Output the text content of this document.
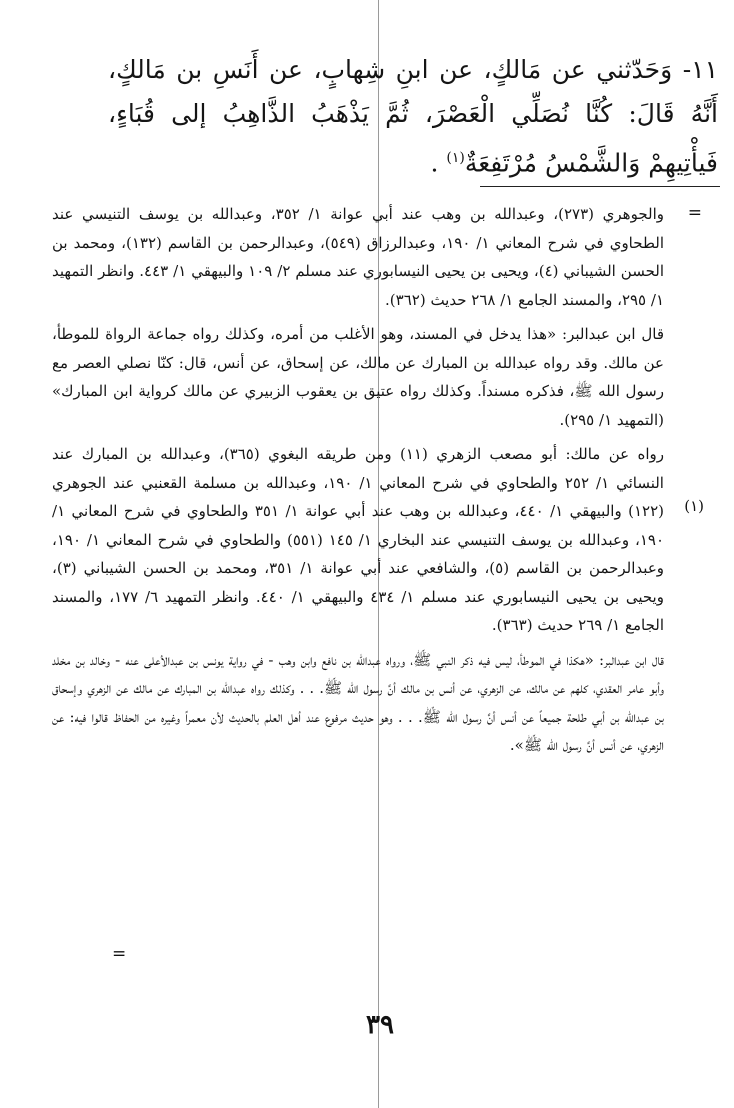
١١- وَحَدّثني عن مَالكٍ، عن ابنِ شِهابٍ، عن أَنَسِ بن مَالكٍ، أَنَّهُ قَالَ: كُنَّا نُصَلِّي الْعَصْرَ، ثُمَّ يَذْهَبُ الذَّاهِبُ إلى قُبَاءٍ، فَيأْتِيهِمْ وَالشَّمْسُ مُرْتَفِعَةٌ$^{(١)}$ .
=

والجوهري (٢٧٣)، وعبدالله بن وهب عند أبي عوانة ١/ ٣٥٢، وعبدالله بن يوسف التنيسي عند الطحاوي في شرح المعاني ١/ ١٩٠، وعبدالرزاق (٥٤٩)، وعبدالرحمن بن القاسم (١٣٢)، ومحمد بن الحسن الشيباني (٤)، ويحيى بن يحيى النيسابوري عند مسلم ٢/ ١٠٩ والبيهقي ١/ ٤٤٣. وانظر التمهيد ١/ ٢٩٥، والمسند الجامع ١/ ٢٦٨ حديث (٣٦٢).

قال ابن عبدالبر: «هذا يدخل في المسند، وهو الأغلب من أمره، وكذلك رواه جماعة الرواة للموطأ، عن مالك. وقد رواه عبدالله بن المبارك عن مالك، عن إسحاق، عن أنس، قال: كنّا نصلي العصر مع رسول الله ﷺ، فذكره مسنداً. وكذلك رواه عتيق بن يعقوب الزبيري عن مالك كرواية ابن المبارك» (التمهيد ١/ ٢٩٥).

رواه عن مالك: أبو مصعب الزهري (١١) ومن طريقه البغوي (٣٦٥)، وعبدالله بن المبارك عند النسائي ١/ ٢٥٢ والطحاوي في شرح المعاني ١/ ١٩٠، وعبدالله بن مسلمة القعنبي عند الجوهري (١٢٢) والبيهقي ١/ ٤٤٠، وعبدالله بن وهب عند أبي عوانة ١/ ٣٥١ والطحاوي في شرح المعاني ١/ ١٩٠، وعبدالله بن يوسف التنيسي عند البخاري ١/ ١٤٥ (٥٥١) والطحاوي في شرح المعاني ١/ ١٩٠، وعبدالرحمن بن القاسم (٥)، والشافعي عند أبي عوانة ١/ ٣٥١، ومحمد بن الحسن الشيباني (٣)، ويحيى بن يحيى النيسابوري عند مسلم ١/ ٤٣٤ والبيهقي ١/ ٤٤٠. وانظر التمهيد ٦/ ١٧٧، والمسند الجامع ١/ ٢٦٩ حديث (٣٦٣).

قال ابن عبدالبر: «هكذا في الموطأ، ليس فيه ذكر النبي ﷺ، ورواه عبدالله بن نافع وابن وهب - في رواية يونس بن عبدالأعلى عنه - وخالد بن مخلد وأبو عامر العقدي، كلهم عن مالك، عن الزهري، عن أنس بن مالك أنَّ رسول الله ﷺ. . . وكذلك رواه عبدالله بن المبارك عن مالك عن الزهري وإسحاق بن عبدالله بن أبي طلحة جميعاً عن أنس أنَّ رسول الله ﷺ. . . وهو حديث مرفوع عند أهل العلم بالحديث لأن معمراً وغيره من الحفاظ قالوا فيه: عن الزهري، عن أنس أنَّ رسول الله ﷺ».

(١)
=
٣٩
